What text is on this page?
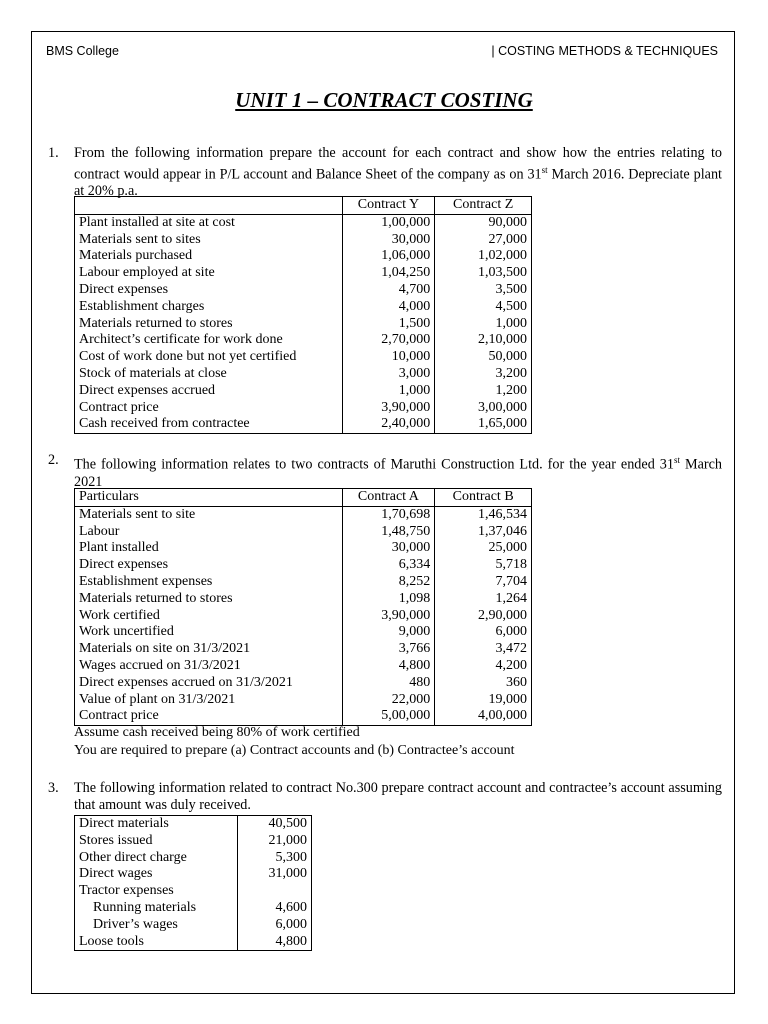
BMS College	| COSTING METHODS & TECHNIQUES
UNIT 1 – CONTRACT COSTING
1. From the following information prepare the account for each contract and show how the entries relating to contract would appear in P/L account and Balance Sheet of the company as on 31st March 2016. Depreciate plant at 20% p.a.
	Contract Y	Contract Z
Plant installed at site at cost	1,00,000	90,000
Materials sent to sites	30,000	27,000
Materials purchased	1,06,000	1,02,000
Labour employed at site	1,04,250	1,03,500
Direct expenses	4,700	3,500
Establishment charges	4,000	4,500
Materials returned to stores	1,500	1,000
Architect’s certificate for work done	2,70,000	2,10,000
Cost of work done but not yet certified	10,000	50,000
Stock of materials at close	3,000	3,200
Direct expenses accrued	1,000	1,200
Contract price	3,90,000	3,00,000
Cash received from contractee	2,40,000	1,65,000
2. The following information relates to two contracts of Maruthi Construction Ltd. for the year ended 31st March 2021
Particulars	Contract A	Contract B
Materials sent to site	1,70,698	1,46,534
Labour	1,48,750	1,37,046
Plant installed	30,000	25,000
Direct expenses	6,334	5,718
Establishment expenses	8,252	7,704
Materials returned to stores	1,098	1,264
Work certified	3,90,000	2,90,000
Work uncertified	9,000	6,000
Materials on site on 31/3/2021	3,766	3,472
Wages accrued on 31/3/2021	4,800	4,200
Direct expenses accrued on 31/3/2021	480	360
Value of plant on 31/3/2021	22,000	19,000
Contract price	5,00,000	4,00,000
Assume cash received being 80% of work certified
You are required to prepare (a) Contract accounts and (b) Contractee’s account
3. The following information related to contract No.300 prepare contract account and contractee’s account assuming that amount was duly received.
Direct materials	40,500
Stores issued	21,000
Other direct charge	5,300
Direct wages	31,000
Tractor expenses	
Running materials	4,600
Driver’s wages	6,000
Loose tools	4,800
